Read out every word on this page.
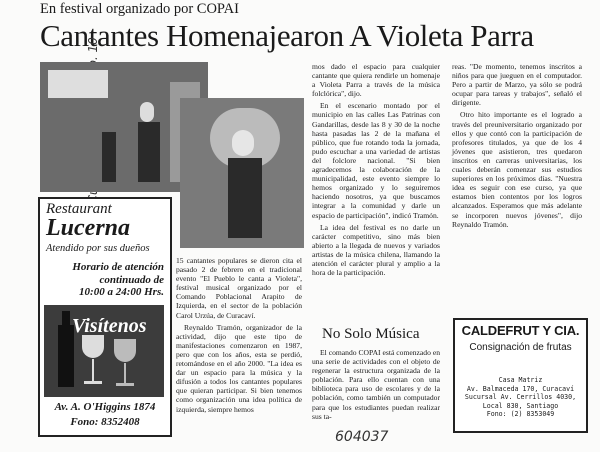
En festival organizado por COPAI
Cantantes Homenajearon A Violeta Parra

15 cantantes populares se dieron cita el pasado 2 de febrero en el tradicional evento "El Pueblo le canta a Violeta", festival musical organizado por el Comando Poblacional Arapito de Izquierda, en el sector de la población Carol Urzúa, de Curacaví.

Reynaldo Tramón, organizador de la actividad, dijo que este tipo de manifestaciones comenzaron en 1987, pero que con los años, esta se perdió, retomándose en el año 2000. "La idea es dar un espacio para la música y la difusión a todos los cantantes populares que quieran participar. Si bien tenemos como organización una idea política de izquierda, siempre hemos

mos dado el espacio para cualquier cantante que quiera rendirle un homenaje a Violeta Parra a través de la música folclórica", dijo.

En el escenario montado por el municipio en las calles Las Patrinas con Gandarillas, desde las 8 y 30 de la noche hasta pasadas las 2 de la mañana el público, que fue rotando toda la jornada, pudo escuchar a una variedad de artistas del folclore nacional. "Si bien agradecemos la colaboración de la municipalidad, este evento siempre lo hemos organizado y lo seguiremos haciendo nosotros, ya que buscamos integrar a la comunidad y darle un espacio de participación", indicó Tramón.

La idea del festival es no darle un carácter competitivo, sino más bien abierto a la llegada de nuevos y variados artistas de la música chilena, llamando la atención el carácter plural y amplio a la hora de la participación.

No Solo Música

El comando COPAI está comenzado en una serie de actividades con el objeto de regenerar la estructura organizada de la población. Para ello cuentan con una biblioteca para uso de escolares y de la población, como también un computador para que los estudiantes puedan realizar sus ta-

reas. "De momento, tenemos inscritos a niños para que jueguen en el computador. Pero a partir de Marzo, ya sólo se podrá ocupar para tareas y trabajos", señaló el dirigente.

Otro hito importante es el logrado a través del preuniversitario organizado por ellos y que contó con la participación de profesores titulados, ya que de los 4 jóvenes que asistieron, tres quedaron inscritos en carreras universitarias, los cuales deberán comenzar sus estudios superiores en los próximos días. "Nuestra idea es seguir con ese curso, ya que estamos bien contentos por los logros alcanzados. Esperamos que más adelante se incorporen nuevos jóvenes", dijo Reynaldo Tramón.

Restaurant
Lucerna
Atendido por sus dueños
Horario de atención continuado de
10:00 a 24:00 Hrs.
Visítenos
Av. A. O'Higgins 1874
Fono: 8352408
CALDEFRUT Y CIA.
Consignación de frutas
Casa Matriz
Av. Balmaceda 170, Curacaví
Sucursal Av. Cerrillos 4030,
Local 830, Santiago
Fono: (2) 8353049
604037
